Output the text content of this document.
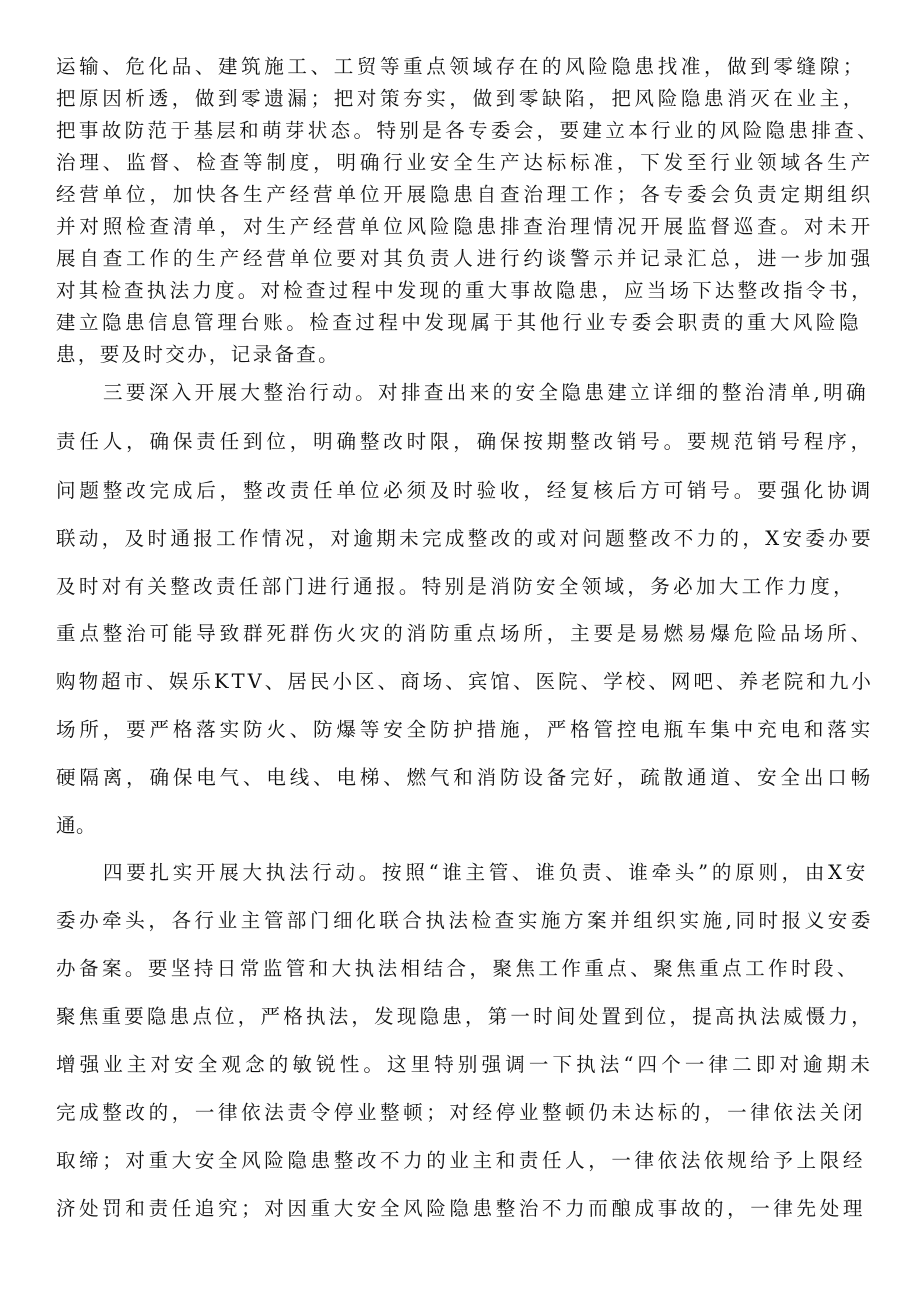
运输、危化品、建筑施工、工贸等重点领域存在的风险隐患找准，做到零缝隙；
把原因析透，做到零遗漏；把对策夯实，做到零缺陷，把风险隐患消灭在业主，
把事故防范于基层和萌芽状态。特别是各专委会，要建立本行业的风险隐患排查、
治理、监督、检查等制度，明确行业安全生产达标标准，下发至行业领域各生产
经营单位，加快各生产经营单位开展隐患自查治理工作；各专委会负责定期组织
并对照检查清单，对生产经营单位风险隐患排查治理情况开展监督巡查。对未开
展自查工作的生产经营单位要对其负责人进行约谈警示并记录汇总，进一步加强
对其检查执法力度。对检查过程中发现的重大事故隐患，应当场下达整改指令书，
建立隐患信息管理台账。检查过程中发现属于其他行业专委会职责的重大风险隐
患，要及时交办，记录备查。
三要深入开展大整治行动。对排查出来的安全隐患建立详细的整治清单,明确
责任人，确保责任到位，明确整改时限，确保按期整改销号。要规范销号程序，
问题整改完成后，整改责任单位必须及时验收，经复核后方可销号。要强化协调
联动，及时通报工作情况，对逾期未完成整改的或对问题整改不力的，X安委办要
及时对有关整改责任部门进行通报。特别是消防安全领域，务必加大工作力度，
重点整治可能导致群死群伤火灾的消防重点场所，主要是易燃易爆危险品场所、
购物超市、娱乐KTV、居民小区、商场、宾馆、医院、学校、网吧、养老院和九小
场所，要严格落实防火、防爆等安全防护措施，严格管控电瓶车集中充电和落实
硬隔离，确保电气、电线、电梯、燃气和消防设备完好，疏散通道、安全出口畅
通。
四要扎实开展大执法行动。按照“谁主管、谁负责、谁牵头”的原则，由X安
委办牵头，各行业主管部门细化联合执法检查实施方案并组织实施,同时报义安委
办备案。要坚持日常监管和大执法相结合，聚焦工作重点、聚焦重点工作时段、
聚焦重要隐患点位，严格执法，发现隐患，第一时间处置到位，提高执法威慑力，
增强业主对安全观念的敏锐性。这里特别强调一下执法“四个一律二即对逾期未
完成整改的，一律依法责令停业整顿；对经停业整顿仍未达标的，一律依法关闭
取缔；对重大安全风险隐患整改不力的业主和责任人，一律依法依规给予上限经
济处罚和责任追究；对因重大安全风险隐患整治不力而酿成事故的，一律先处理
